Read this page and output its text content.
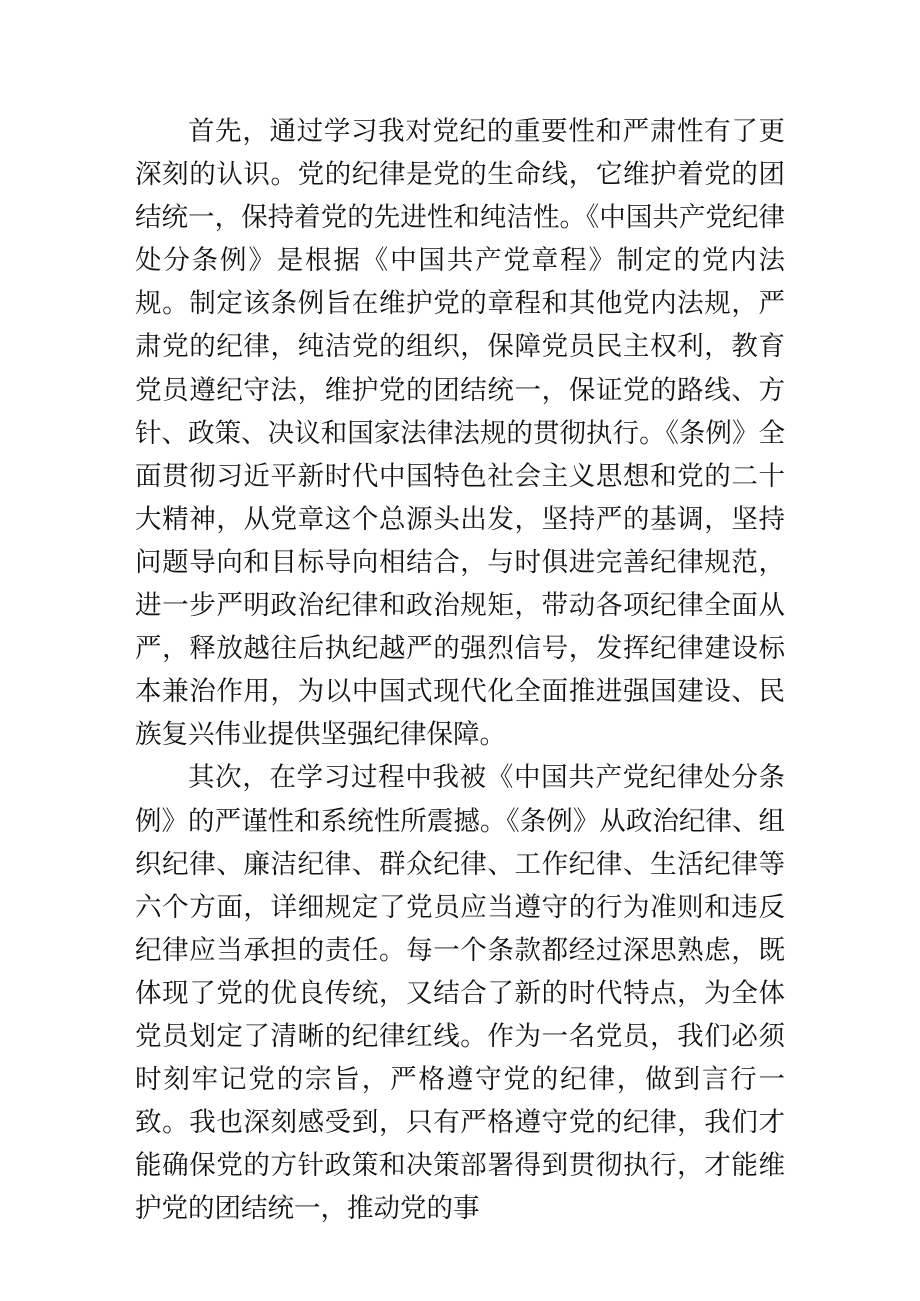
首先，通过学习我对党纪的重要性和严肃性有了更深刻的认识。党的纪律是党的生命线，它维护着党的团结统一，保持着党的先进性和纯洁性。《中国共产党纪律处分条例》是根据《中国共产党章程》制定的党内法规。制定该条例旨在维护党的章程和其他党内法规，严肃党的纪律，纯洁党的组织，保障党员民主权利，教育党员遵纪守法，维护党的团结统一，保证党的路线、方针、政策、决议和国家法律法规的贯彻执行。《条例》全面贯彻习近平新时代中国特色社会主义思想和党的二十大精神，从党章这个总源头出发，坚持严的基调，坚持问题导向和目标导向相结合，与时俱进完善纪律规范，进一步严明政治纪律和政治规矩，带动各项纪律全面从严，释放越往后执纪越严的强烈信号，发挥纪律建设标本兼治作用，为以中国式现代化全面推进强国建设、民族复兴伟业提供坚强纪律保障。

其次，在学习过程中我被《中国共产党纪律处分条例》的严谨性和系统性所震撼。《条例》从政治纪律、组织纪律、廉洁纪律、群众纪律、工作纪律、生活纪律等六个方面，详细规定了党员应当遵守的行为准则和违反纪律应当承担的责任。每一个条款都经过深思熟虑，既体现了党的优良传统，又结合了新的时代特点，为全体党员划定了清晰的纪律红线。作为一名党员，我们必须时刻牢记党的宗旨，严格遵守党的纪律，做到言行一致。我也深刻感受到，只有严格遵守党的纪律，我们才能确保党的方针政策和决策部署得到贯彻执行，才能维护党的团结统一，推动党的事
